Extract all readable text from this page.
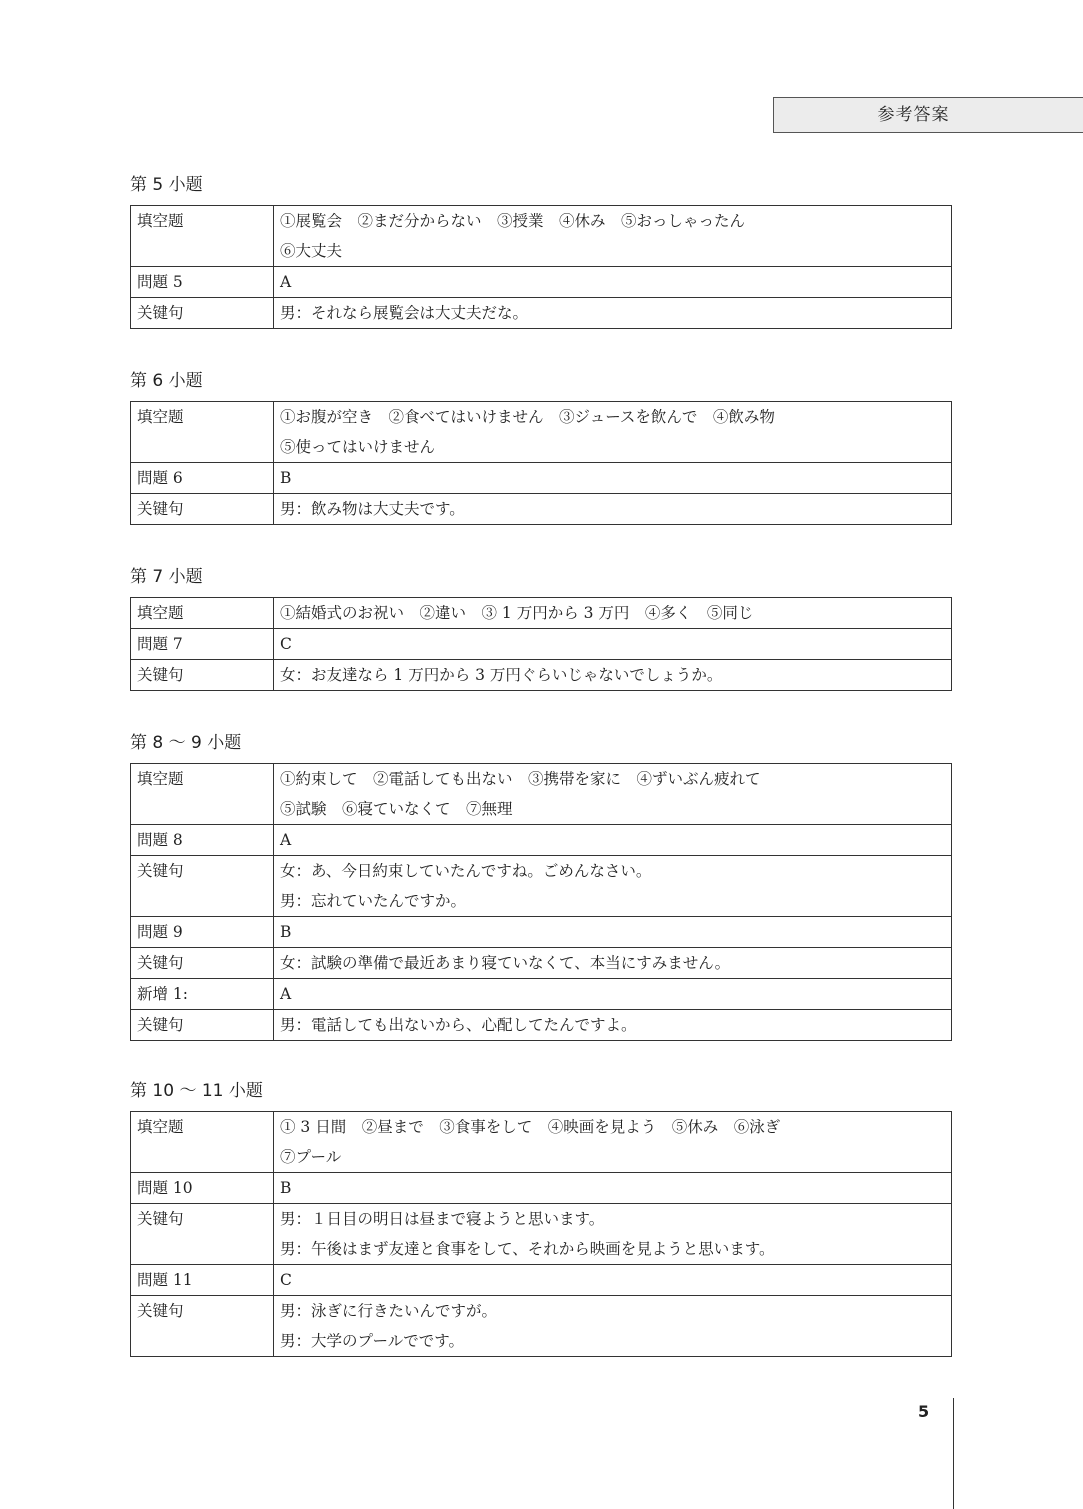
参考答案
第 5 小题
填空题	①展覧会　②まだ分からない　③授業　④休み　⑤おっしゃったん
⑥大丈夫

問題 5	A

关键句	男：それなら展覧会は大丈夫だな。
第 6 小题
填空题	①お腹が空き　②食べてはいけません　③ジュースを飲んで　④飲み物
⑤使ってはいけません

問題 6	B

关键句	男：飲み物は大丈夫です。
第 7 小题
填空题	①結婚式のお祝い　②違い　③ 1 万円から 3 万円　④多く　⑤同じ

問題 7	C

关键句	女：お友達なら 1 万円から 3 万円ぐらいじゃないでしょうか。
第 8 ～ 9 小题
填空题	①約束して　②電話しても出ない　③携帯を家に　④ずいぶん疲れて
⑤試験　⑥寝ていなくて　⑦無理

問題 8	A

关键句	女：あ、今日約束していたんですね。ごめんなさい。
男：忘れていたんですか。

問題 9	B

关键句	女：試験の準備で最近あまり寝ていなくて、本当にすみません。

新增 1:	A

关键句	男：電話しても出ないから、心配してたんですよ。
第 10 ～ 11 小题
填空题	① 3 日間　②昼まで　③食事をして　④映画を見よう　⑤休み　⑥泳ぎ
⑦プール

問題 10	B

关键句	男：１日目の明日は昼まで寝ようと思います。
男：午後はまず友達と食事をして、それから映画を見ようと思います。

問題 11	C

关键句	男：泳ぎに行きたいんですが。
男：大学のプールでです。
5
